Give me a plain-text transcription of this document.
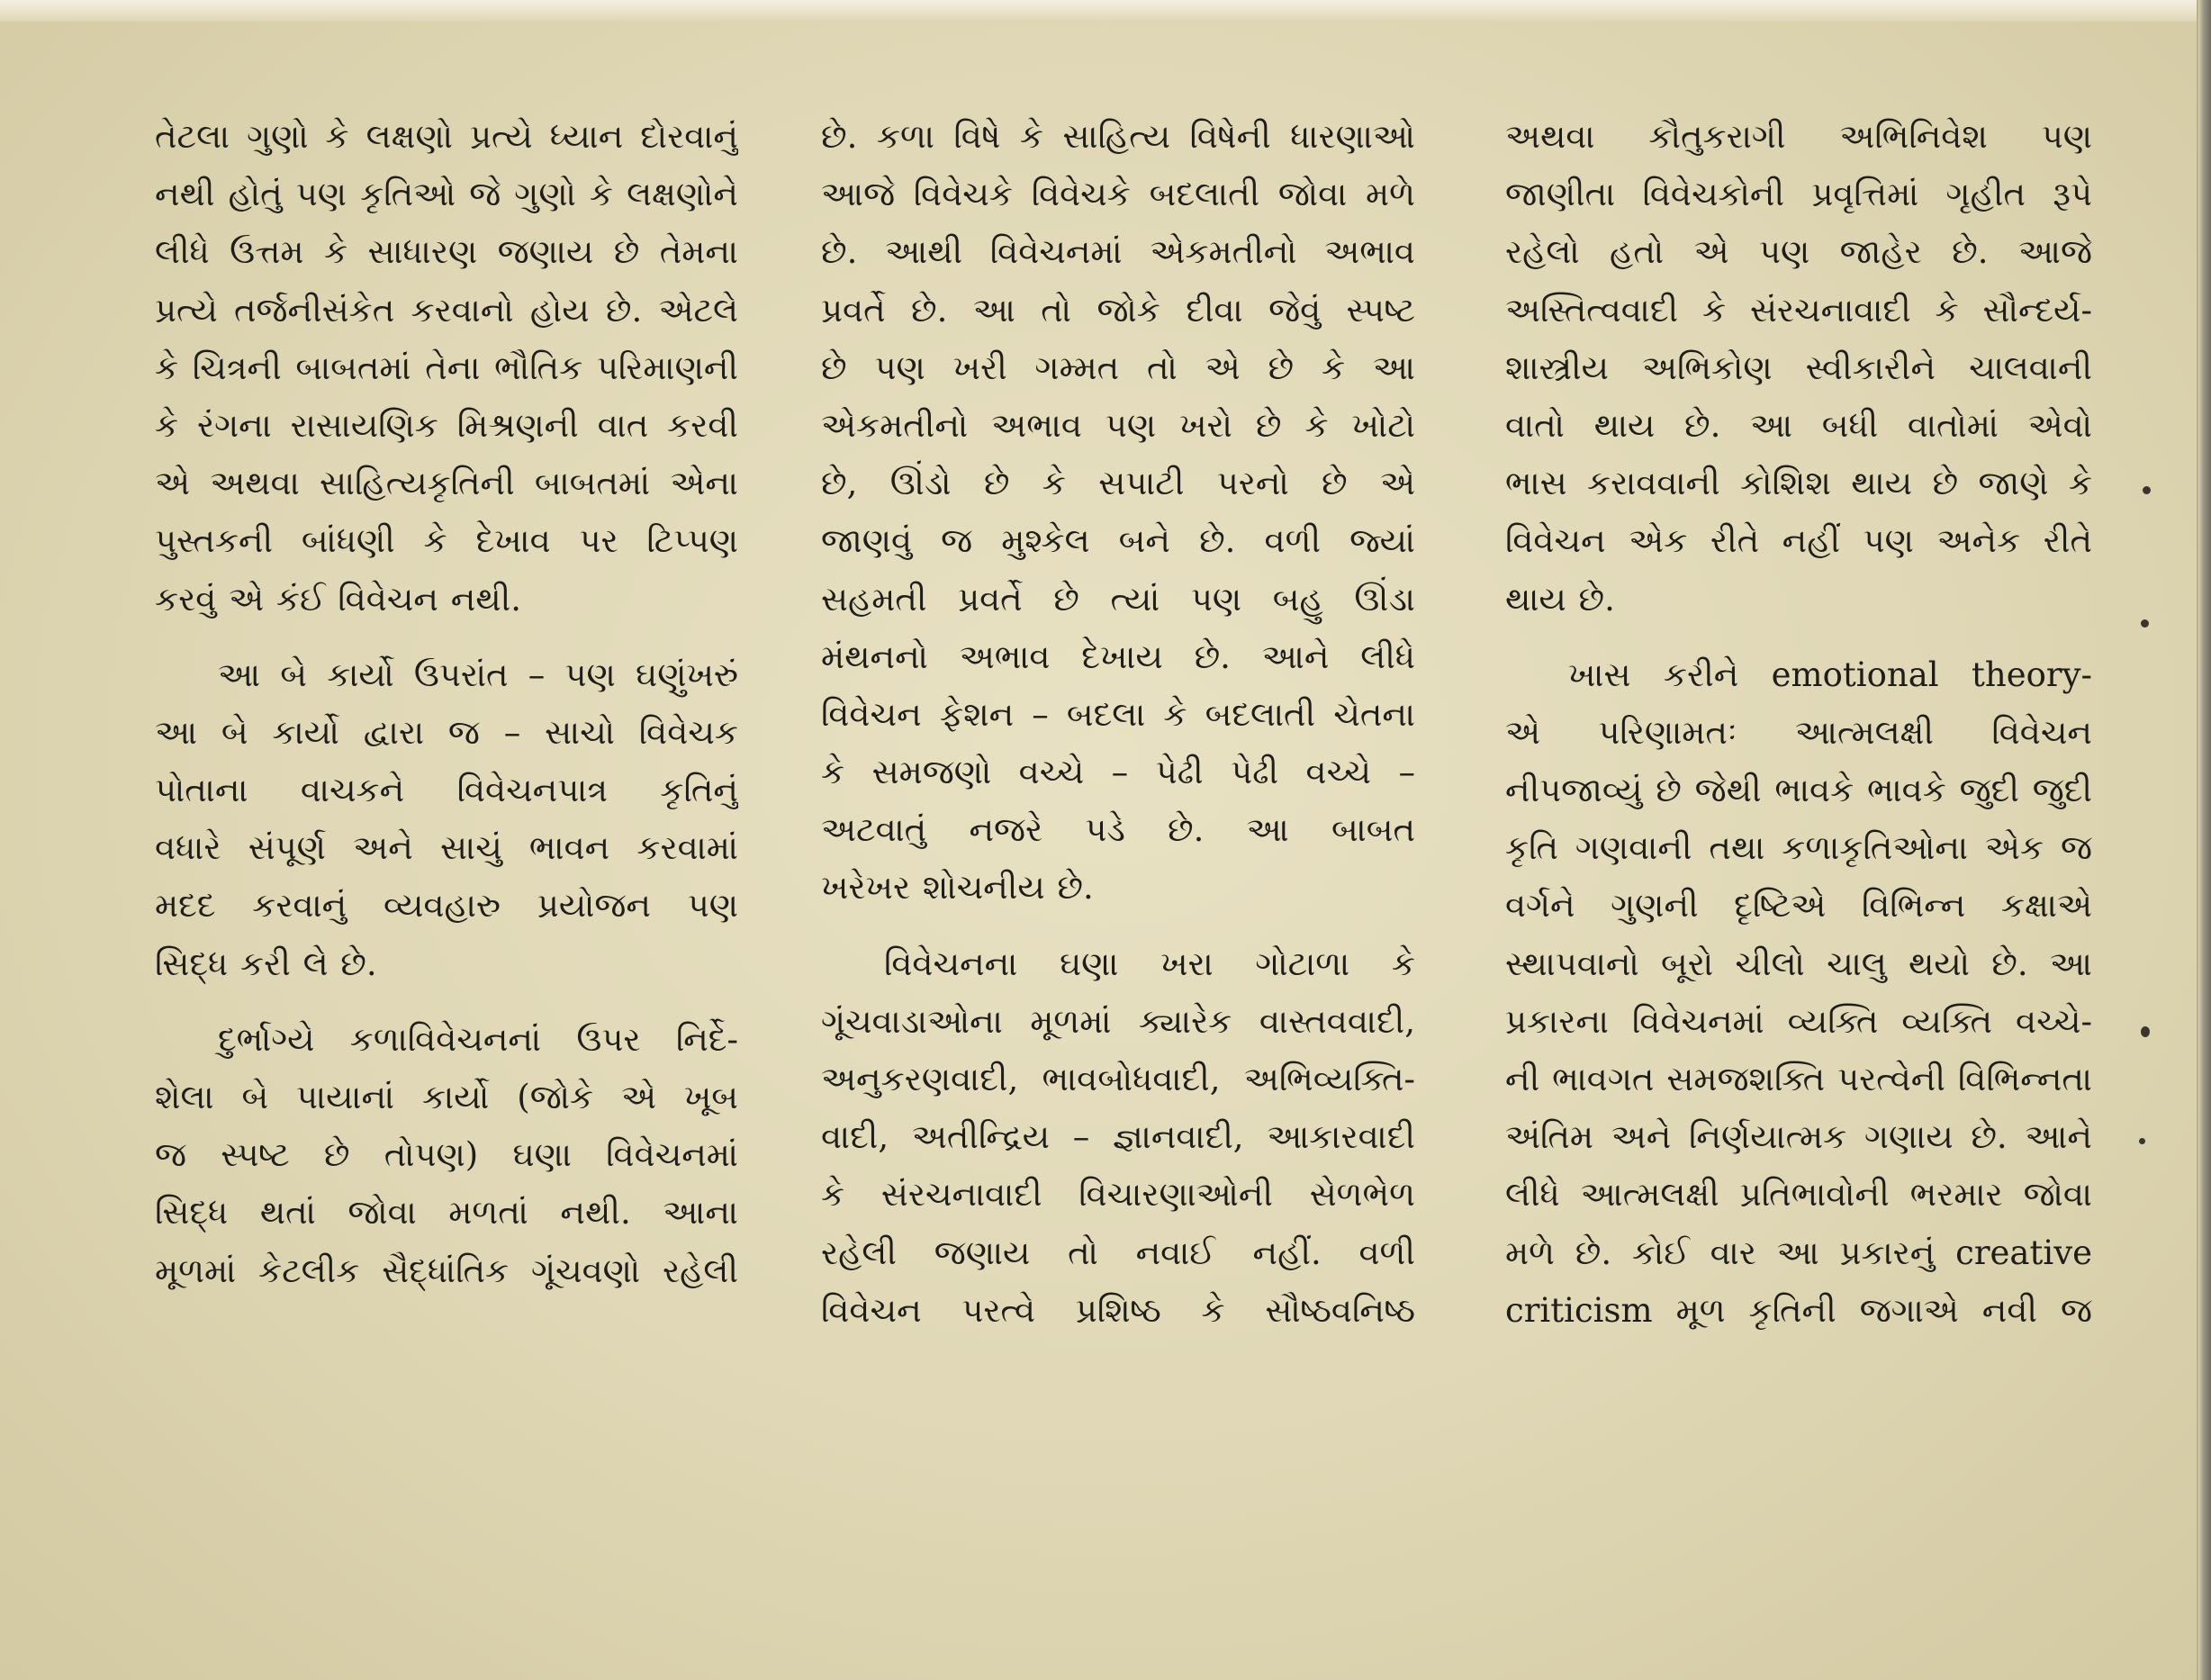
તેટલા ગુણો કે લક્ષણો પ્રત્યે ધ્યાન દોરવાનું
નથી હોતું પણ કૃતિઓ જે ગુણો કે લક્ષણોને
લીધે ઉત્તમ કે સાધારણ જણાય છે તેમના
પ્રત્યે તર્જનીસંકેત કરવાનો હોય છે. એટલે
કે ચિત્રની બાબતમાં તેના ભૌતિક પરિમાણની
કે રંગના રાસાયણિક મિશ્રણની વાત કરવી
એ અથવા સાહિત્યકૃતિની બાબતમાં એના
પુસ્તકની બાંધણી કે દેખાવ પર ટિપ્પણ
કરવું એ કંઈ વિવેચન નથી.
આ બે કાર્યો ઉપરાંત – પણ ઘણુંખરું
આ બે કાર્યો દ્વારા જ – સાચો વિવેચક
પોતાના વાચકને વિવેચનપાત્ર કૃતિનું
વધારે સંપૂર્ણ અને સાચું ભાવન કરવામાં
મદદ કરવાનું વ્યવહારુ પ્રયોજન પણ
સિદ્ધ કરી લે છે.
દુર્ભાગ્યે કળાવિવેચનનાં ઉપર નિર્દે-
શેલા બે પાયાનાં કાર્યો (જોકે એ ખૂબ
જ સ્પષ્ટ છે તોપણ) ઘણા વિવેચનમાં
સિદ્ધ થતાં જોવા મળતાં નથી. આના
મૂળમાં કેટલીક સૈદ્ધાંતિક ગૂંચવણો રહેલી
છે. કળા વિષે કે સાહિત્ય વિષેની ધારણાઓ
આજે વિવેચકે વિવેચકે બદલાતી જોવા મળે
છે. આથી વિવેચનમાં એકમતીનો અભાવ
પ્રવર્તે છે. આ તો જોકે દીવા જેવું સ્પષ્ટ
છે પણ ખરી ગમ્મત તો એ છે કે આ
એકમતીનો અભાવ પણ ખરો છે કે ખોટો
છે, ઊંડો છે કે સપાટી પરનો છે એ
જાણવું જ મુશ્કેલ બને છે. વળી જ્યાં
સહમતી પ્રવર્તે છે ત્યાં પણ બહુ ઊંડા
મંથનનો અભાવ દેખાય છે. આને લીધે
વિવેચન ફેશન – બદલા કે બદલાતી ચેતના
કે સમજણો વચ્ચે – પેઢી પેઢી વચ્ચે –
અટવાતું નજરે પડે છે. આ બાબત
ખરેખર શોચનીય છે.
વિવેચનના ઘણા ખરા ગોટાળા કે
ગૂંચવાડાઓના મૂળમાં ક્યારેક વાસ્તવવાદી,
અનુકરણવાદી, ભાવબોધવાદી, અભિવ્યક્તિ-
વાદી, અતીન્દ્રિય – જ્ઞાનવાદી, આકારવાદી
કે સંરચનાવાદી વિચારણાઓની સેળભેળ
રહેલી જણાય તો નવાઈ નહીં. વળી
વિવેચન પરત્વે પ્રશિષ્ઠ કે સૌષ્ઠવનિષ્ઠ
અથવા કૌતુકરાગી અભિનિવેશ પણ
જાણીતા વિવેચકોની પ્રવૃત્તિમાં ગૃહીત રૂપે
રહેલો હતો એ પણ જાહેર છે. આજે
અસ્તિત્વવાદી કે સંરચનાવાદી કે સૌન્દર્ય-
શાસ્ત્રીય અભિકોણ સ્વીકારીને ચાલવાની
વાતો થાય છે. આ બધી વાતોમાં એવો
ભાસ કરાવવાની કોશિશ થાય છે જાણે કે
વિવેચન એક રીતે નહીં પણ અનેક રીતે
થાય છે.
ખાસ કરીને emotional theory-
એ પરિણામતઃ આત્મલક્ષી વિવેચન
નીપજાવ્યું છે જેથી ભાવકે ભાવકે જુદી જુદી
કૃતિ ગણવાની તથા કળાકૃતિઓના એક જ
વર્ગને ગુણની દૃષ્ટિએ વિભિન્ન કક્ષાએ
સ્થાપવાનો બૂરો ચીલો ચાલુ થયો છે. આ
પ્રકારના વિવેચનમાં વ્યક્તિ વ્યક્તિ વચ્ચે-
ની ભાવગત સમજશક્તિ પરત્વેની વિભિન્નતા
અંતિમ અને નિર્ણયાત્મક ગણાય છે. આને
લીધે આત્મલક્ષી પ્રતિભાવોની ભરમાર જોવા
મળે છે. કોઈ વાર આ પ્રકારનું creative
criticism મૂળ કૃતિની જગાએ નવી જ
